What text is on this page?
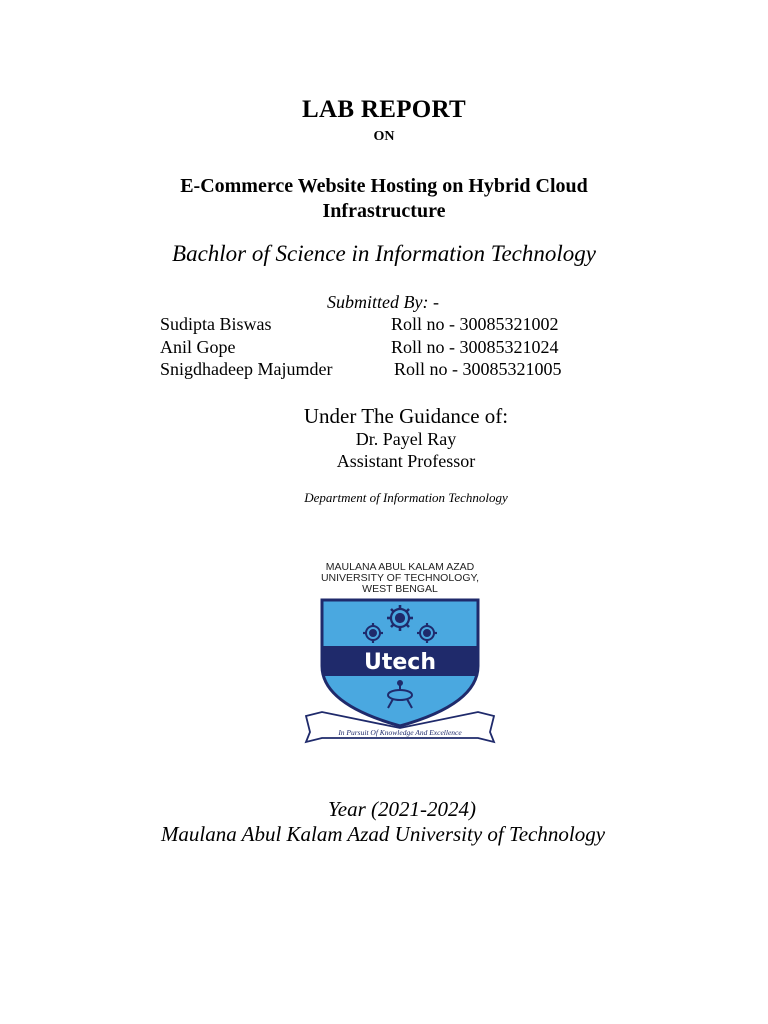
LAB REPORT
ON
E-Commerce Website Hosting on Hybrid Cloud Infrastructure
Bachlor of Science in Information Technology
Submitted By: -
Sudipta Biswas	Roll no - 30085321002
Anil Gope	Roll no - 30085321024
Snigdhadeep Majumder	Roll no - 30085321005
Under The Guidance of:
Dr. Payel Ray
Assistant Professor
Department of Information Technology
MAULANA ABUL KALAM AZAD
UNIVERSITY OF TECHNOLOGY,
WEST BENGAL
Utech
In Pursuit Of Knowledge And Excellence
Year (2021-2024)
Maulana Abul Kalam Azad University of Technology
